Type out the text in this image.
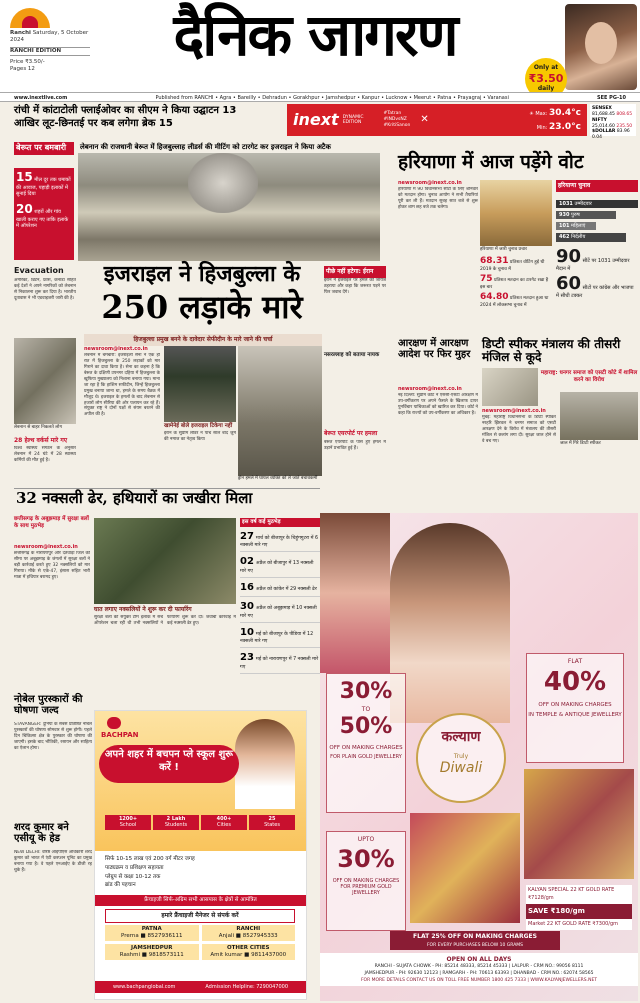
Ranchi Saturday, 5 October 2024
RANCHI EDITION
Price ₹3.50/-
Pages 12	दैनिक जागरण	Only at
₹3.50
daily
www.inextlive.com	Published from RANCHI • Agra • Bareilly • Dehradun • Gorakhpur • Jamshedpur • Kanpur • Lucknow • Meerut • Patna • Prayagraj • Varanasi	SEE PG-10
रांची में कांटाटोली फ्लाईओवर का सीएम ने किया उद्घाटन 13
आखिर लूट-छिनतई पर कब लगेगा ब्रेक 15	inext DYNAMIC
EDITION
#Tatran
#INDvsNZ
#KritiSanon
✕
☀ Max: 30.4°c
Min: 23.0°c
SENSEX
81,688.45 808.65
NIFTY
25,014.60 235.50
$DOLLAR 83.96 0.04
बेरूत पर बमबारी
15 मील दूर तक धमाकों की आवाज, पहाड़ी इलाकों में सुनाई दिया
20 शहरों और गांव खाली कराए गए ताकि इलाके में ऑपरेशन
लेबनान की राजधानी बेरूत में हिजबुल्लाह लीडर्स की मीटिंग को टारगेट कर इजराइल ने किया अटैक
Evacuation
अमेरिका, ब्रिटेन, फ्रांस, कनाडा सहित कई देशों ने अपने नागरिकों को लेबनान से निकालना शुरू कर दिया है। भारतीय दूतावास ने भी एडवाइजरी जारी की है।
लेबनान से बाहर निकलते लोग
28 हेल्थ वर्कर्स मारे गए
विश्व स्वास्थ्य संगठन के अनुसार लेबनान में 24 घंटे में 28 स्वास्थ्य कर्मियों की मौत हुई है।
इजराइल ने हिजबुल्ला के
250 लड़ाके मारे
हिजबुल्ला प्रमुख बनने के दावेदार सेफीदीन के मारे जाने की चर्चा
newsroom@inext.co.in
लेबनान में बमबारी: इजराइली सेना ने एक ही रात में हिजबुल्ला के 250 लड़ाकों को मार गिराने का दावा किया है। सेना का कहना है कि बेरूत के दक्षिणी उपनगर दहिया में हिजबुल्ला के खुफिया मुख्यालय को निशाना बनाया गया। माना जा रहा है कि हाशिम सफीदीन, जिन्हें हिजबुल्ला प्रमुख बनाया जाना था, हमले के समय बैठक में मौजूद थे। इजराइल के हमलों के बाद लेबनान से हजारों लोग सीरिया की ओर पलायन कर रहे हैं। संयुक्त राष्ट्र ने दोनों पक्षों से संयम बरतने की अपील की है।
खामेनेई बोले इजराइल टिकेगा नहीं
ईरान के सुप्रीम लीडर ने पांच साल बाद जुमे की नमाज का नेतृत्व किया
ड्रोन हमले में घायल व्यक्ति को ले जाते बचावकर्मी
पीछे नहीं हटेगा: ईरान
ईरान ने इजराइल पर हमले को जायज ठहराया और कहा कि जरूरत पड़ने पर फिर जवाब देंगे।
नसरल्लाह को बताया नायक
बेरूत एयरपोर्ट पर हमला
बेरूत एयरपोर्ट के पास हुए हमले में उड़ानें प्रभावित हुई हैं।
हरियाणा में आज पड़ेंगे वोट
newsroom@inext.co.in
हरियाणा में 90 विधानसभा सीटों के लिए शनिवार को मतदान होगा। चुनाव आयोग ने सभी तैयारियां पूरी कर ली हैं। मतदान सुबह सात बजे से शुरू होकर शाम छह बजे तक चलेगा।
हरियाणा में जारी चुनाव प्रचार
68.31 प्रतिशत वोटिंग हुई थी 2019 के चुनाव में
75 प्रतिशत मतदान का टारगेट रखा है इस बार
64.80 प्रतिशत मतदान हुआ था 2024 में लोकसभा चुनाव में
हरियाणा चुनाव
1031 उम्मीदवार
930 पुरुष
101 महिलाएं
462 निर्दलीय
90 सीटें पर 1031 उम्मीदवार मैदान में
60 सीटों पर कांग्रेस और भाजपा में सीधी टक्कर
आरक्षण में आरक्षण आदेश पर फिर मुहर
newsroom@inext.co.in
नई दिल्ली: सुप्रीम कोर्ट ने एससी-एसटी आरक्षण में उप-वर्गीकरण पर अपने फैसले के खिलाफ दायर पुनर्विचार याचिकाओं को खारिज कर दिया। कोर्ट ने कहा कि राज्यों को उप-वर्गीकरण का अधिकार है।
डिप्टी स्पीकर मंत्रालय की तीसरी मंजिल से कूदे
महाराष्ट्र: धनगर समाज को एसटी कोटे में शामिल करने का विरोध
newsroom@inext.co.in
मुंबई: महाराष्ट्र विधानसभा के डिप्टी स्पीकर नरहरि झिरवल ने धनगर समाज को एसटी आरक्षण देने के विरोध में मंत्रालय की तीसरी मंजिल से छलांग लगा दी। सुरक्षा जाल होने से वे बच गए।	जाल में गिरे डिप्टी स्पीकर
32 नक्सली ढेर, हथियारों का जखीरा मिला
छत्तीसगढ़ के अबूझमाड़ में सुरक्षा बलों के साथ मुठभेड़
newsroom@inext.co.in
छत्तीसगढ़ के नारायणपुर और दंतेवाड़ा जिले की सीमा पर अबूझमाड़ के जंगलों में सुरक्षा बलों ने बड़ी कार्रवाई करते हुए 32 नक्सलियों को मार गिराया। मौके से एके-47, इंसास सहित भारी मात्रा में हथियार बरामद हुए।
घात लगाए नक्सलियों ने शुरू कर दी फायरिंग
सुरक्षा बलों की संयुक्त टीम इलाके में सर्च ऑपरेशन चला रही थी तभी नक्सलियों ने फायरिंग शुरू कर दी। जवाबी कार्रवाई में कई नक्सली ढेर हुए।
इस वर्ष कई मुठभेड़
27 मार्च को बीजापुर के चिहुंगगुटरा में 6 नक्सली मारे गए
02 अप्रैल को बीजापुर में 13 नक्सली मारे गए
16 अप्रैल को कांकेर में 29 नक्सली ढेर
30 अप्रैल को अबूझमाड़ में 10 नक्सली मारे गए
10 मई को बीजापुर के पीडिया में 12 नक्सली मारे गए
23 मई को नारायणपुर में 7 नक्सली मारे गए
नोबेल पुरस्कारों की घोषणा जल्द
STAVANGER: दुनिया के सबसे प्रतिष्ठित नोबेल पुरस्कारों की घोषणा सोमवार से शुरू होगी। पहले दिन चिकित्सा क्षेत्र के पुरस्कार की घोषणा की जाएगी। इसके बाद भौतिकी, रसायन और साहित्य का ऐलान होगा।
शरद कुमार बने एसीयू के हेड
NEW DELHI: वरिष्ठ आईपीएस अधिकारी शरद कुमार को भारत में एंटी करप्शन यूनिट का प्रमुख बनाया गया है। वे पहले एनआईए के डीजी रह चुके हैं।
BACHPAN
अपने शहर में बचपन प्ले स्कूल शुरू करें !
1200+
School
2 Lakh
Students
400+
Cities
25
States
सिर्फ 10-15 लाख एवं 200 वर्ग मीटर जगह
पाठ्यक्रम व प्रशिक्षण सहायता
प्लेग्रुप से कक्षा 10-12 तक
ब्रांड की पहचान
फ्रैंचाइजी सिर्फ-अग्रिम सभी आसपास के क्षेत्रों से आमंत्रित
हमारे फ्रैंचाइजी मैनेजर से संपर्क करें
PATNA
Prerna ■ 8527936111
RANCHI
Anjali ■ 8527945333
JAMSHEDPUR
Rashmi ■ 9818573111
OTHER CITIES
Amit kumar ■ 9811437000
www.bachpanglobal.com	Admission Helpline: 7290047000
कल्याण
Truly
Diwali
30%
TO
50%
OFF ON MAKING CHARGES
FOR PLAIN GOLD JEWELLERY
FLAT
40%
OFF ON MAKING CHARGES
IN TEMPLE & ANTIQUE JEWELLERY
UPTO
30%
OFF ON MAKING CHARGES FOR PREMIUM GOLD JEWELLERY	KALYAN SPECIAL 22 KT GOLD RATE ₹7128/gm
SAVE ₹180/gm
Market 22 KT GOLD RATE ₹7300/gm
FLAT 25% OFF ON MAKING CHARGES
FOR EVERY PURCHASES BELOW 10 GRAMS
OPEN ON ALL DAYS
RANCHI - SUJATA CHOWK - PH: 85214 48333, 85214 45333 | LALPUR - CRM NO.: 99056 8111
JAMSHEDPUR - PH: 92630 12123 | RAMGARH - PH: 70613 63393 | DHANBAD - CRM NO.: 62074 58565
FOR MORE DETAILS CONTACT US ON TOLL FREE NUMBER 1800 425 7333 | WWW.KALYANJEWELLERS.NET
